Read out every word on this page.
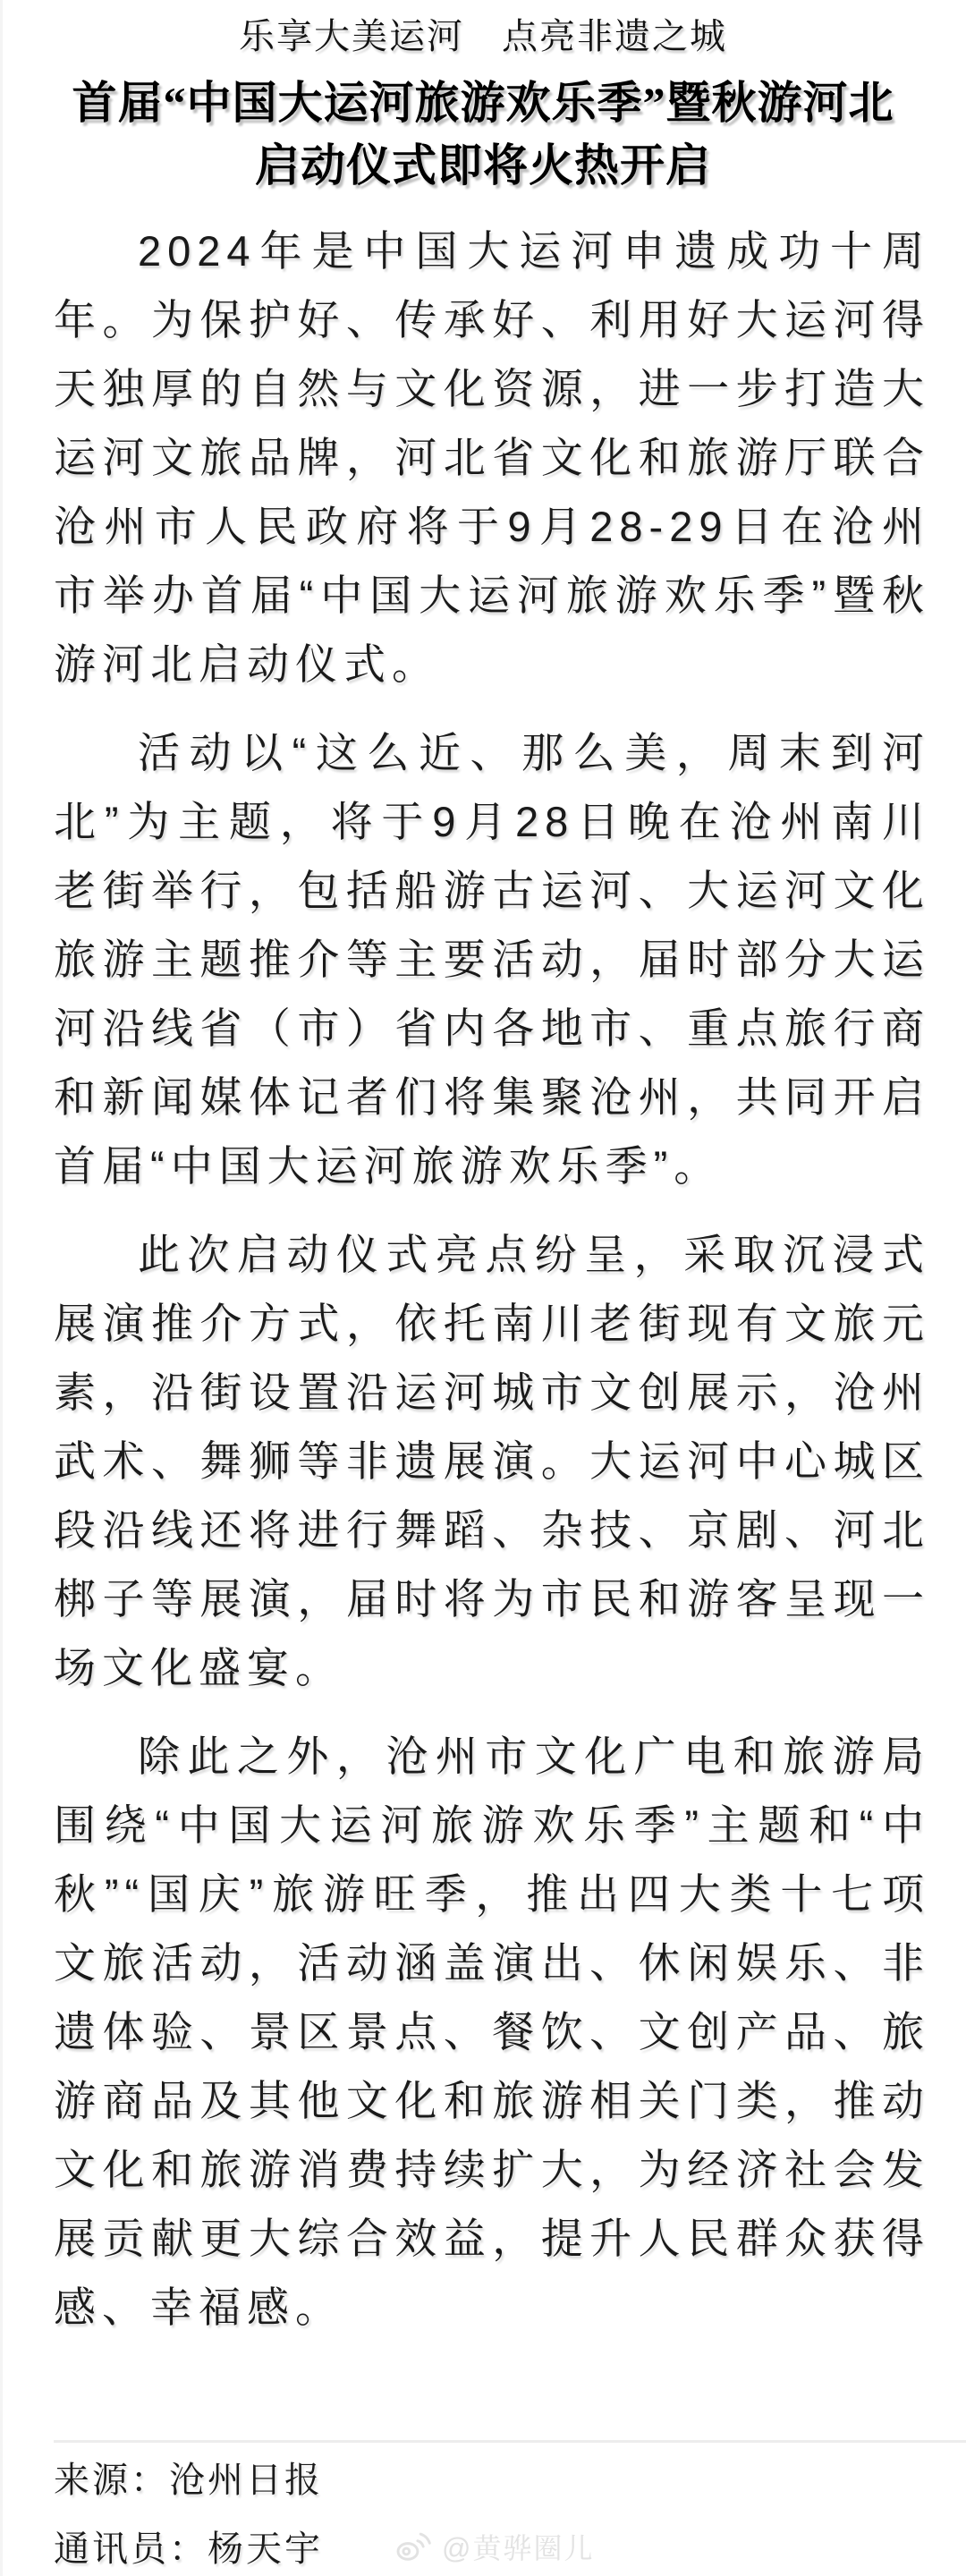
乐享大美运河　点亮非遗之城
首届“中国大运河旅游欢乐季”暨秋游河北
启动仪式即将火热开启

2024年是中国大运河申遗成功十周年。为保护好、传承好、利用好大运河得天独厚的自然与文化资源，进一步打造大运河文旅品牌，河北省文化和旅游厅联合沧州市人民政府将于9月28-29日在沧州市举办首届“中国大运河旅游欢乐季”暨秋游河北启动仪式。

活动以“这么近、那么美，周末到河北”为主题，将于9月28日晚在沧州南川老街举行，包括船游古运河、大运河文化旅游主题推介等主要活动，届时部分大运河沿线省（市）省内各地市、重点旅行商和新闻媒体记者们将集聚沧州，共同开启首届“中国大运河旅游欢乐季”。

此次启动仪式亮点纷呈，采取沉浸式展演推介方式，依托南川老街现有文旅元素，沿街设置沿运河城市文创展示，沧州武术、舞狮等非遗展演。大运河中心城区段沿线还将进行舞蹈、杂技、京剧、河北梆子等展演，届时将为市民和游客呈现一场文化盛宴。

除此之外，沧州市文化广电和旅游局围绕“中国大运河旅游欢乐季”主题和“中秋”“国庆”旅游旺季，推出四大类十七项文旅活动，活动涵盖演出、休闲娱乐、非遗体验、景区景点、餐饮、文创产品、旅游商品及其他文化和旅游相关门类，推动文化和旅游消费持续扩大，为经济社会发展贡献更大综合效益，提升人民群众获得感、幸福感。

来源：沧州日报
通讯员：杨天宇	@黄骅圈儿
